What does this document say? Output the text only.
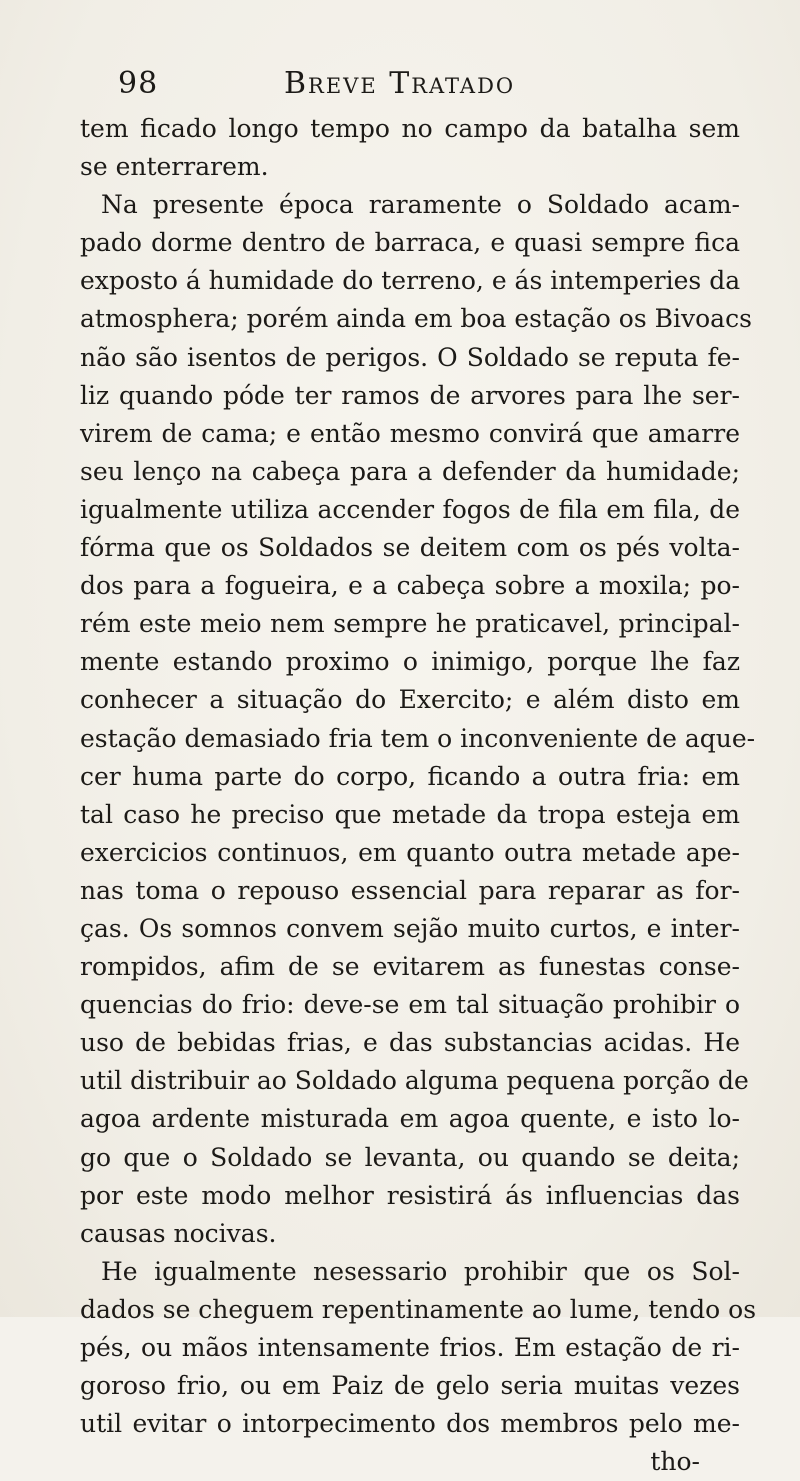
98	Breve Tratado
tem ficado longo tempo no campo da batalha sem
se enterrarem.
Na presente época raramente o Soldado acam-
pado dorme dentro de barraca, e quasi sempre fica
exposto á humidade do terreno, e ás intemperies da
atmosphera; porém ainda em boa estação os Bivoacs
não são isentos de perigos. O Soldado se reputa fe-
liz quando póde ter ramos de arvores para lhe ser-
virem de cama; e então mesmo convirá que amarre
seu lenço na cabeça para a defender da humidade;
igualmente utiliza accender fogos de fila em fila, de
fórma que os Soldados se deitem com os pés volta-
dos para a fogueira, e a cabeça sobre a moxila; po-
rém este meio nem sempre he praticavel, principal-
mente estando proximo o inimigo, porque lhe faz
conhecer a situação do Exercito; e além disto em
estação demasiado fria tem o inconveniente de aque-
cer huma parte do corpo, ficando a outra fria: em
tal caso he preciso que metade da tropa esteja em
exercicios continuos, em quanto outra metade ape-
nas toma o repouso essencial para reparar as for-
ças. Os somnos convem sejão muito curtos, e inter-
rompidos, afim de se evitarem as funestas conse-
quencias do frio: deve-se em tal situação prohibir o
uso de bebidas frias, e das substancias acidas. He
util distribuir ao Soldado alguma pequena porção de
agoa ardente misturada em agoa quente, e isto lo-
go que o Soldado se levanta, ou quando se deita;
por este modo melhor resistirá ás influencias das
causas nocivas.
He igualmente nesessario prohibir que os Sol-
dados se cheguem repentinamente ao lume, tendo os
pés, ou mãos intensamente frios. Em estação de ri-
goroso frio, ou em Paiz de gelo seria muitas vezes
util evitar o intorpecimento dos membros pelo me-
tho-
